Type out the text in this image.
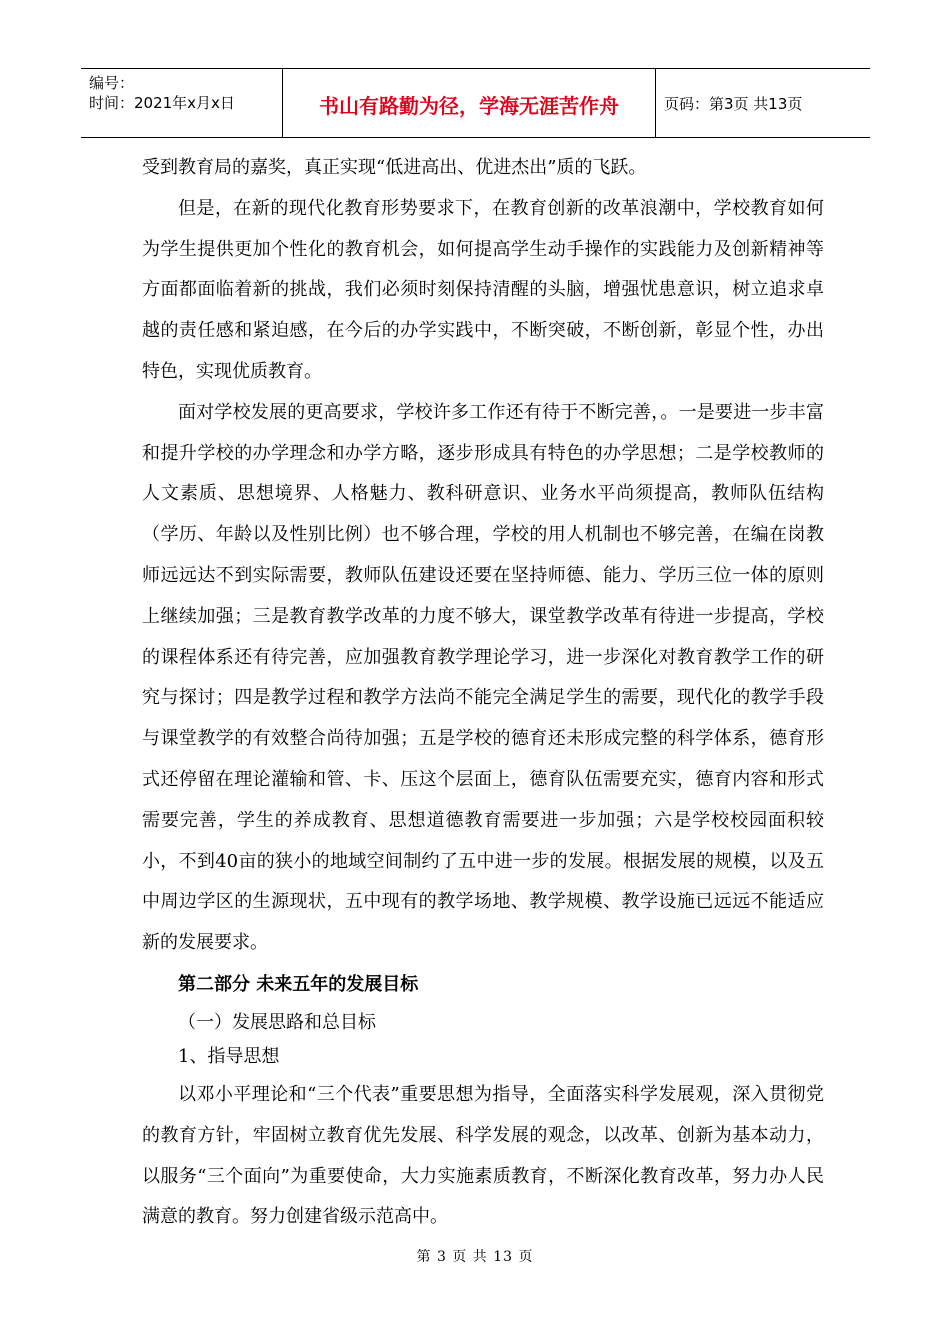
编号：
时间：2021年x月x日	书山有路勤为径，学海无涯苦作舟	页码：第3页 共13页

受到教育局的嘉奖，真正实现“低进高出、优进杰出”质的飞跃。

但是，在新的现代化教育形势要求下，在教育创新的改革浪潮中，学校教育如何为学生提供更加个性化的教育机会，如何提高学生动手操作的实践能力及创新精神等方面都面临着新的挑战，我们必须时刻保持清醒的头脑，增强忧患意识，树立追求卓越的责任感和紧迫感，在今后的办学实践中，不断突破，不断创新，彰显个性，办出特色，实现优质教育。

面对学校发展的更高要求，学校许多工作还有待于不断完善，。一是要进一步丰富和提升学校的办学理念和办学方略，逐步形成具有特色的办学思想；二是学校教师的人文素质、思想境界、人格魅力、教科研意识、业务水平尚须提高，教师队伍结构（学历、年龄以及性别比例）也不够合理，学校的用人机制也不够完善，在编在岗教师远远达不到实际需要，教师队伍建设还要在坚持师德、能力、学历三位一体的原则上继续加强；三是教育教学改革的力度不够大，课堂教学改革有待进一步提高，学校的课程体系还有待完善，应加强教育教学理论学习，进一步深化对教育教学工作的研究与探讨；四是教学过程和教学方法尚不能完全满足学生的需要，现代化的教学手段与课堂教学的有效整合尚待加强；五是学校的德育还未形成完整的科学体系，德育形式还停留在理论灌输和管、卡、压这个层面上，德育队伍需要充实，德育内容和形式需要完善，学生的养成教育、思想道德教育需要进一步加强；六是学校校园面积较小，不到40亩的狭小的地域空间制约了五中进一步的发展。根据发展的规模，以及五中周边学区的生源现状，五中现有的教学场地、教学规模、教学设施已远远不能适应新的发展要求。

第二部分 未来五年的发展目标

（一）发展思路和总目标

1、指导思想

以邓小平理论和“三个代表”重要思想为指导，全面落实科学发展观，深入贯彻党的教育方针，牢固树立教育优先发展、科学发展的观念，以改革、创新为基本动力，以服务“三个面向”为重要使命，大力实施素质教育，不断深化教育改革，努力办人民满意的教育。努力创建省级示范高中。

第 3 页 共 13 页
